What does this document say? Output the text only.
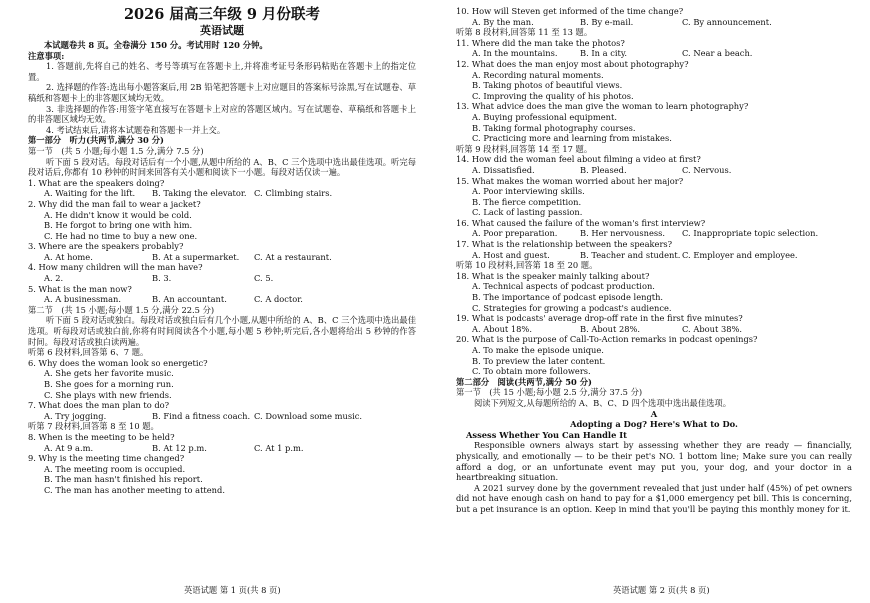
2026 届高三年级 9 月份联考
英语试题
本试题卷共 8 页。全卷满分 150 分。考试用时 120 分钟。
注意事项:
1. 答题前,先将自己的姓名、考号等填写在答题卡上,并将准考证号条形码粘贴在答题卡上的指定位置。
2. 选择题的作答:选出每小题答案后,用 2B 铅笔把答题卡上对应题目的答案标号涂黑,写在试题卷、草稿纸和答题卡上的非答题区域均无效。
3. 非选择题的作答:用签字笔直接写在答题卡上对应的答题区域内。写在试题卷、草稿纸和答题卡上的非答题区域均无效。
4. 考试结束后,请将本试题卷和答题卡一并上交。
第一部分　听力(共两节,满分 30 分)
第一节　(共 5 小题;每小题 1.5 分,满分 7.5 分)
听下面 5 段对话。每段对话后有一个小题,从题中所给的 A、B、C 三个选项中选出最佳选项。听完每段对话后,你都有 10 秒钟的时间来回答有关小题和阅读下一小题。每段对话仅读一遍。
1. What are the speakers doing?
A. Waiting for the lift.	B. Taking the elevator. C. Climbing stairs.
2. Why did the man fail to wear a jacket?
A. He didn't know it would be cold.
B. He forgot to bring one with him.
C. He had no time to buy a new one.
3. Where are the speakers probably?
A. At home.	B. At a supermarket.	C. At a restaurant.
4. How many children will the man have?
A. 2.	B. 3.	C. 5.
5. What is the man now?
A. A businessman.	B. An accountant.	C. A doctor.
第二节　(共 15 小题;每小题 1.5 分,满分 22.5 分)
听下面 5 段对话或独白。每段对话或独白后有几个小题,从题中所给的 A、B、C 三个选项中选出最佳选项。听每段对话或独白前,你将有时间阅读各个小题,每小题 5 秒钟;听完后,各小题将给出 5 秒钟的作答时间。每段对话或独白读两遍。
听第 6 段材料,回答第 6、7 题。
6. Why does the woman look so energetic?
A. She gets her favorite music.
B. She goes for a morning run.
C. She plays with new friends.
7. What does the man plan to do?
A. Try jogging.	B. Find a fitness coach. C. Download some music.
听第 7 段材料,回答第 8 至 10 题。
8. When is the meeting to be held?
A. At 9 a.m.	B. At 12 p.m.	C. At 1 p.m.
9. Why is the meeting time changed?
A. The meeting room is occupied.
B. The man hasn't finished his report.
C. The man has another meeting to attend.
10. How will Steven get informed of the time change?
A. By the man.	B. By e-mail.	C. By announcement.
听第 8 段材料,回答第 11 至 13 题。
11. Where did the man take the photos?
A. In the mountains.	B. In a city.	C. Near a beach.
12. What does the man enjoy most about photography?
A. Recording natural moments.
B. Taking photos of beautiful views.
C. Improving the quality of his photos.
13. What advice does the man give the woman to learn photography?
A. Buying professional equipment.
B. Taking formal photography courses.
C. Practicing more and learning from mistakes.
听第 9 段材料,回答第 14 至 17 题。
14. How did the woman feel about filming a video at first?
A. Dissatisfied.	B. Pleased.	C. Nervous.
15. What makes the woman worried about her major?
A. Poor interviewing skills.
B. The fierce competition.
C. Lack of lasting passion.
16. What caused the failure of the woman's first interview?
A. Poor preparation.	B. Her nervousness.	C. Inappropriate topic selection.
17. What is the relationship between the speakers?
A. Host and guest.	B. Teacher and student. C. Employer and employee.
听第 10 段材料,回答第 18 至 20 题。
18. What is the speaker mainly talking about?
A. Technical aspects of podcast production.
B. The importance of podcast episode length.
C. Strategies for growing a podcast's audience.
19. What is podcasts' average drop-off rate in the first five minutes?
A. About 18%.	B. About 28%.	C. About 38%.
20. What is the purpose of Call-To-Action remarks in podcast openings?
A. To make the episode unique.
B. To preview the later content.
C. To obtain more followers.
第二部分　阅读(共两节,满分 50 分)
第一节　(共 15 小题;每小题 2.5 分,满分 37.5 分)
阅读下列短文,从每题所给的 A、B、C、D 四个选项中选出最佳选项。
A
Adopting a Dog? Here's What to Do.
Assess Whether You Can Handle It
Responsible owners always start by assessing whether they are ready — financially, physically, and emotionally — to be their pet's NO. 1 bottom line; Make sure you can really afford a dog, or an unfortunate event may put you, your dog, and your doctor in a heartbreaking situation.
A 2021 survey done by the government revealed that just under half (45%) of pet owners did not have enough cash on hand to pay for a $1,000 emergency pet bill. This is concerning, but a pet insurance is an option. Keep in mind that you'll be paying this monthly money for it.
英语试题 第 1 页(共 8 页)	英语试题 第 2 页(共 8 页)
